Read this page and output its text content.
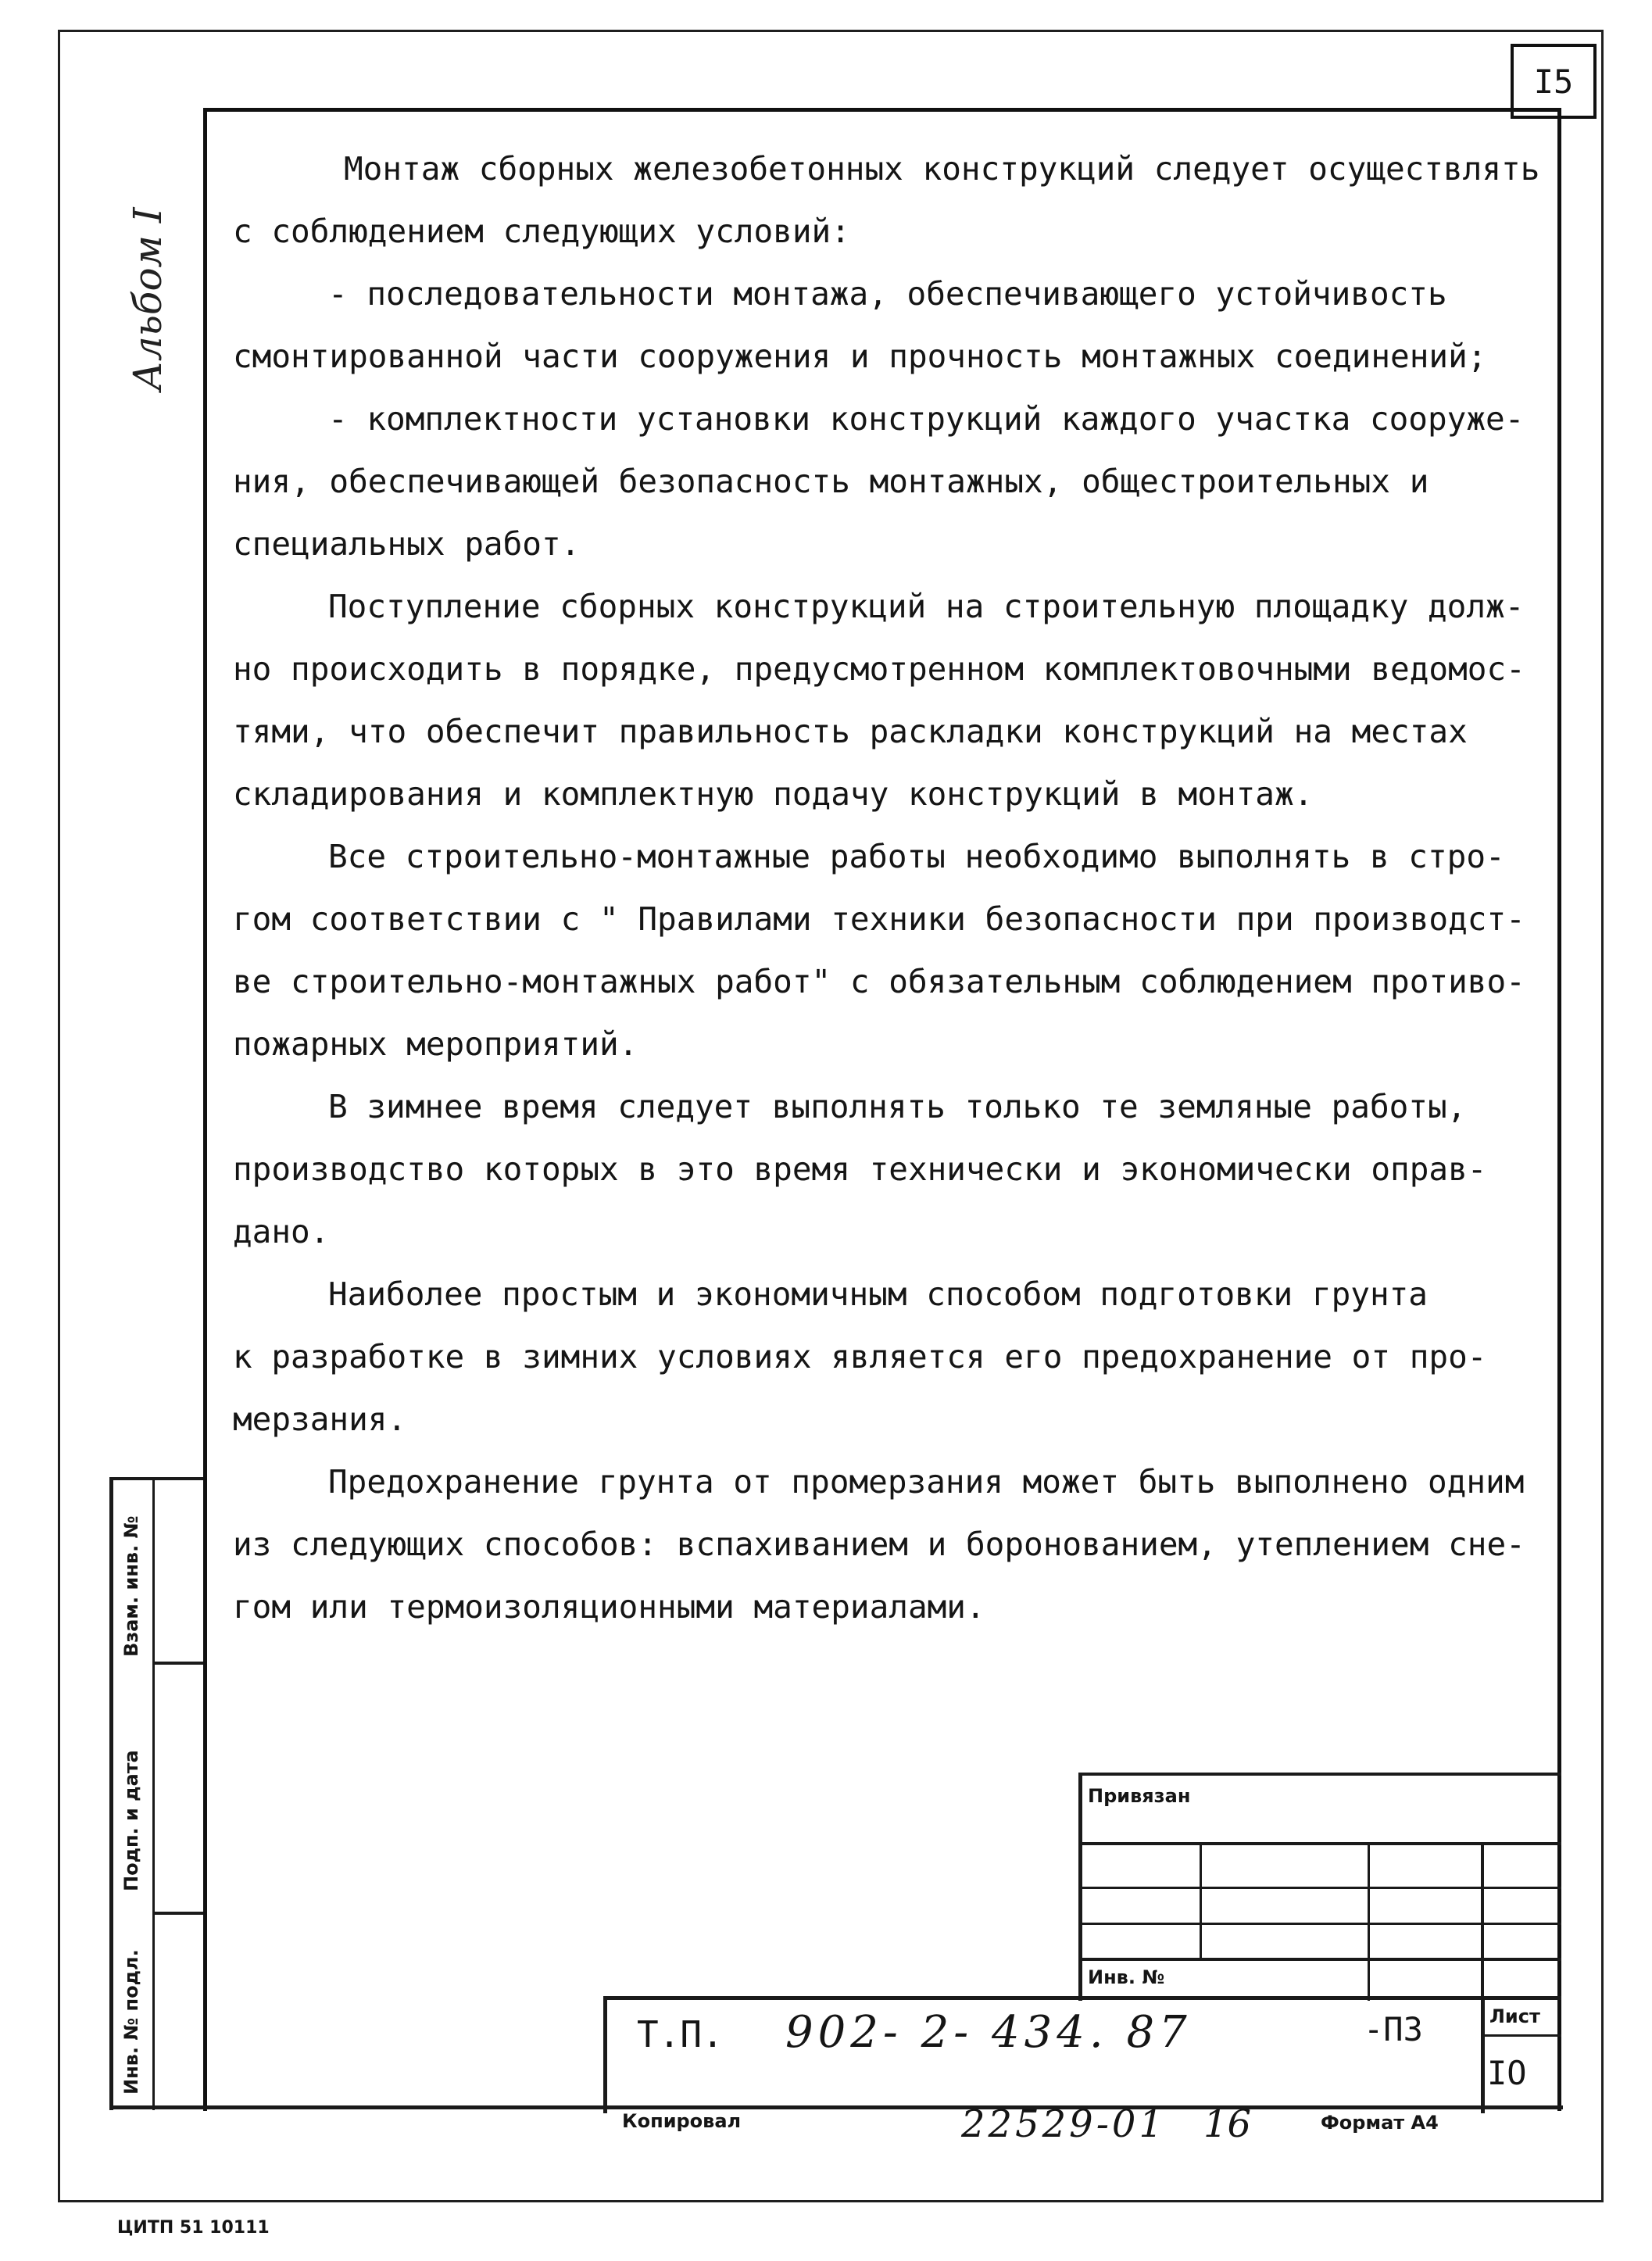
I5
Альбом I
Монтаж сборных железобетонных конструкций следует осуществлять
с соблюдением следующих условий:
- последовательности монтажа, обеспечивающего устойчивость
смонтированной части сооружения и прочность монтажных соединений;
- комплектности установки конструкций каждого участка сооруже-
ния, обеспечивающей безопасность монтажных, общестроительных и
специальных работ.
Поступление сборных конструкций на строительную площадку долж-
но происходить в порядке, предусмотренном комплектовочными ведомос-
тями, что обеспечит правильность раскладки конструкций на местах
складирования и комплектную подачу конструкций в монтаж.
Все строительно-монтажные работы необходимо выполнять в стро-
гом соответствии с " Правилами техники безопасности при производст-
ве строительно-монтажных работ" с обязательным соблюдением противо-
пожарных мероприятий.
В зимнее время следует выполнять только те земляные работы,
производство которых в это время технически и экономически оправ-
дано.
Наиболее простым и экономичным способом подготовки грунта
к разработке в зимних условиях является его предохранение от про-
мерзания.
Предохранение грунта от промерзания может быть выполнено одним
из следующих способов: вспахиванием и боронованием, утеплением сне-
гом или термоизоляционными материалами.
Взам. инв. №
Подп. и дата
Инв. № подл.
Привязан
Инв. №
Т.П. 902- 2- 434. 87	-ПЗ	Лист
IO
Копировал	22529-01 16	Формат А4
ЦИТП 51 10111
